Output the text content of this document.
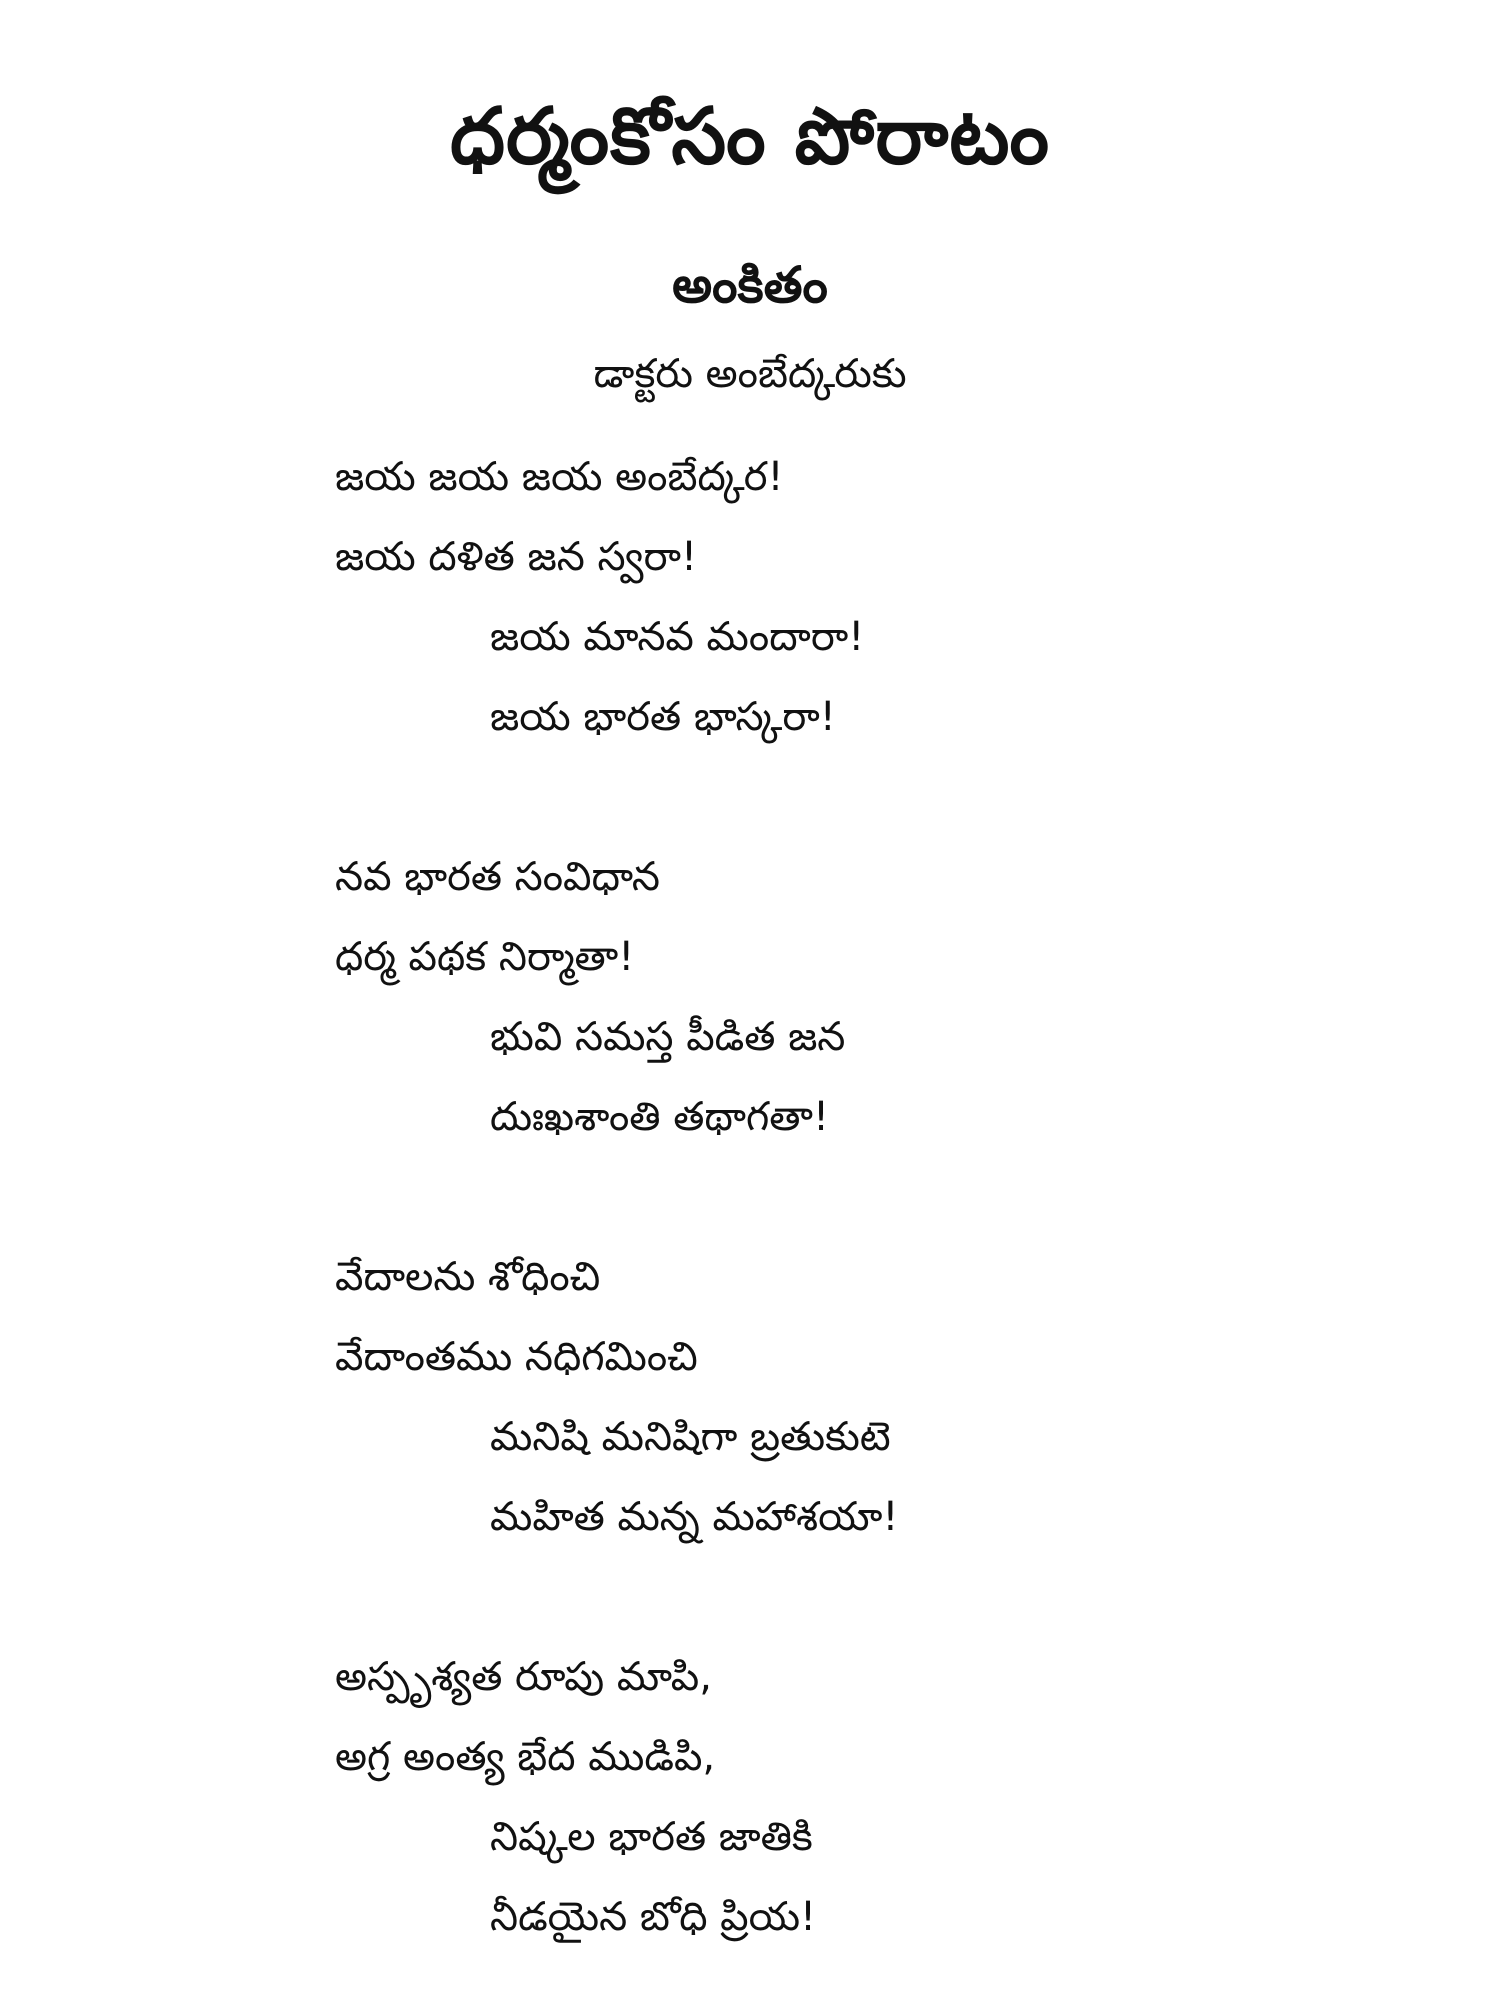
ధర్మంకోసం పోరాటం
అంకితం
డాక్టరు అంబేద్కరుకు
జయ జయ జయ అంబేద్కర!
జయ దళిత జన స్వరా!
జయ మానవ మందారా!
జయ భారత భాస్కరా!
నవ భారత సంవిధాన
ధర్మ పథక నిర్మాతా!
భువి సమస్త పీడిత జన
దుఃఖశాంతి తథాగతా!
వేదాలను శోధించి
వేదాంతము నధిగమించి
మనిషి మనిషిగా బ్రతుకుటె
మహిత మన్న మహాశయా!
అస్పృశ్యత రూపు మాపి,
అగ్ర అంత్య భేద ముడిపి,
నిష్కల భారత జాతికి
నీడయైన బోధి ప్రియ!
